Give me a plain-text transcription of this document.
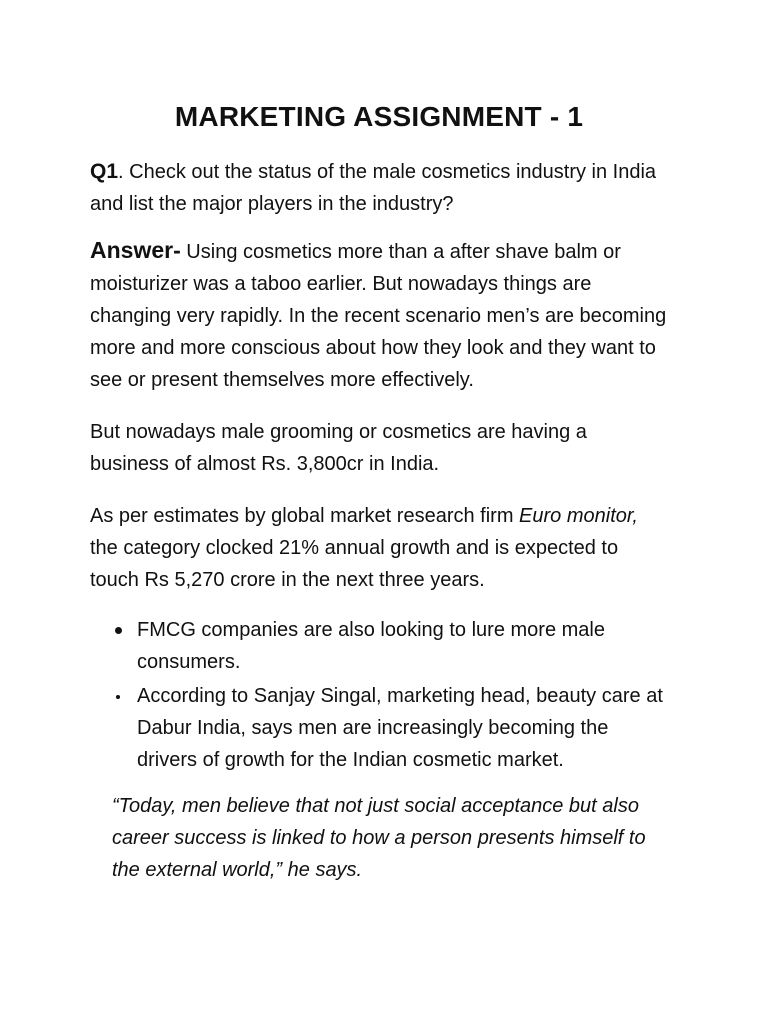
MARKETING ASSIGNMENT - 1

Q1. Check out the status of the male cosmetics industry in India and list the major players in the industry?

Answer- Using cosmetics more than a after shave balm or moisturizer was a taboo earlier. But nowadays things are changing very rapidly. In the recent scenario men’s are becoming more and more conscious about how they look and they want to see or present themselves more effectively.

But nowadays male grooming or cosmetics are having a business of almost Rs. 3,800cr in India.

As per estimates by global market research firm Euro monitor, the category clocked 21% annual growth and is expected to touch Rs 5,270 crore in the next three years.

FMCG companies are also looking to lure more male consumers.
According to Sanjay Singal, marketing head, beauty care at Dabur India, says men are increasingly becoming the drivers of growth for the Indian cosmetic market.

“Today, men believe that not just social acceptance but also career success is linked to how a person presents himself to the external world,” he says.
